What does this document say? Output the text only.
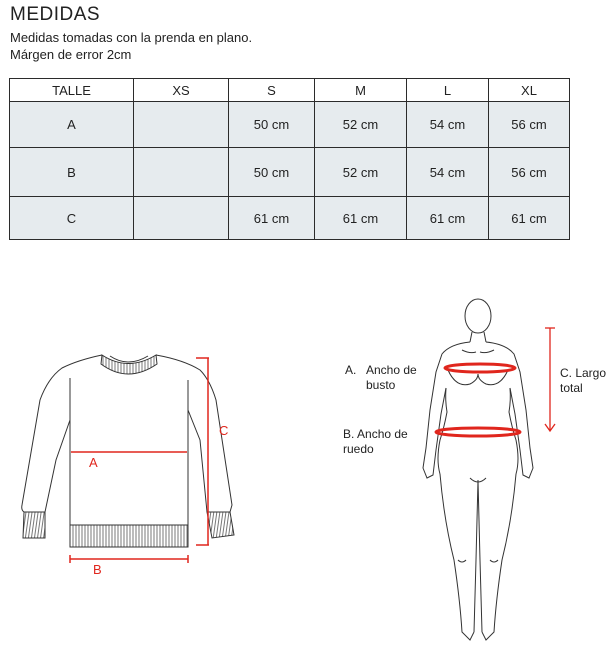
MEDIDAS
Medidas tomadas con la prenda en plano.
Márgen de error 2cm
TALLE	XS	S	M	L	XL
A		50 cm	52 cm	54 cm	56 cm
B		50 cm	52 cm	54 cm	56 cm
C		61 cm	61 cm	61 cm	61 cm
A
B
C
A. Ancho de
busto
B. Ancho de
ruedo
C. Largo
total
